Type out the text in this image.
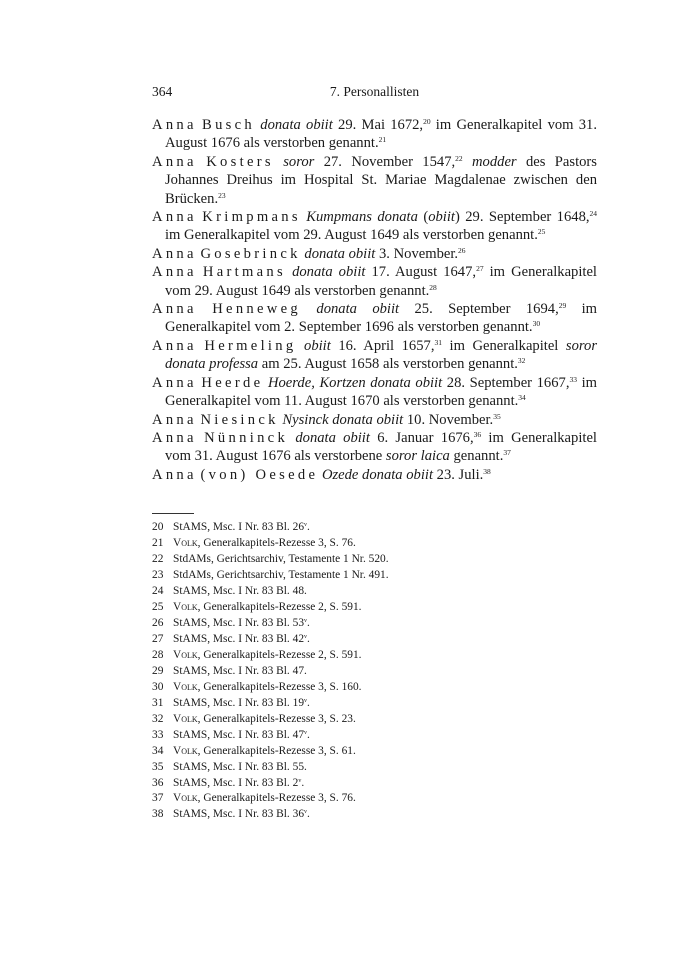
364	7. Personallisten

Anna Busch donata obiit 29. Mai 1672,20 im Generalkapitel vom 31. August 1676 als verstorben genannt.$^{21}$

Anna Kosters soror 27. November 1547,22 modder des Pastors Johannes Dreihus im Hospital St. Mariae Magdalenae zwischen den Brücken.$^{23}$

Anna Krimpmans Kumpmans donata (obiit) 29. September 1648,24 im Generalkapitel vom 29. August 1649 als verstorben genannt.$^{25}$

Anna Gosebrinck donata obiit 3. November.$^{26}$

Anna Hartmans donata obiit 17. August 1647,27 im Generalkapitel vom 29. August 1649 als verstorben genannt.$^{28}$

Anna Henneweg donata obiit 25. September 1694,29 im Generalkapitel vom 2. September 1696 als verstorben genannt.$^{30}$

Anna Hermeling obiit 16. April 1657,31 im Generalkapitel soror donata professa am 25. August 1658 als verstorben genannt.$^{32}$

Anna Heerde Hoerde, Kortzen donata obiit 28. September 1667,33 im Generalkapitel vom 11. August 1670 als verstorben genannt.$^{34}$

Anna Niesinck Nysinck donata obiit 10. November.$^{35}$

Anna Nünninck donata obiit 6. Januar 1676,36 im Generalkapitel vom 31. August 1676 als verstorbene soror laica genannt.$^{37}$

Anna (von) Oesede Ozede donata obiit 23. Juli.$^{38}$

20 StAMS, Msc. I Nr. 83 Bl. 26$^v$.
21 Volk, Generalkapitels-Rezesse 3, S. 76.
22 StdAMs, Gerichtsarchiv, Testamente 1 Nr. 520.
23 StdAMs, Gerichtsarchiv, Testamente 1 Nr. 491.
24 StAMS, Msc. I Nr. 83 Bl. 48.
25 Volk, Generalkapitels-Rezesse 2, S. 591.
26 StAMS, Msc. I Nr. 83 Bl. 53$^v$.
27 StAMS, Msc. I Nr. 83 Bl. 42$^v$.
28 Volk, Generalkapitels-Rezesse 2, S. 591.
29 StAMS, Msc. I Nr. 83 Bl. 47.
30 Volk, Generalkapitels-Rezesse 3, S. 160.
31 StAMS, Msc. I Nr. 83 Bl. 19$^v$.
32 Volk, Generalkapitels-Rezesse 3, S. 23.
33 StAMS, Msc. I Nr. 83 Bl. 47$^v$.
34 Volk, Generalkapitels-Rezesse 3, S. 61.
35 StAMS, Msc. I Nr. 83 Bl. 55.
36 StAMS, Msc. I Nr. 83 Bl. 2$^v$.
37 Volk, Generalkapitels-Rezesse 3, S. 76.
38 StAMS, Msc. I Nr. 83 Bl. 36$^v$.
